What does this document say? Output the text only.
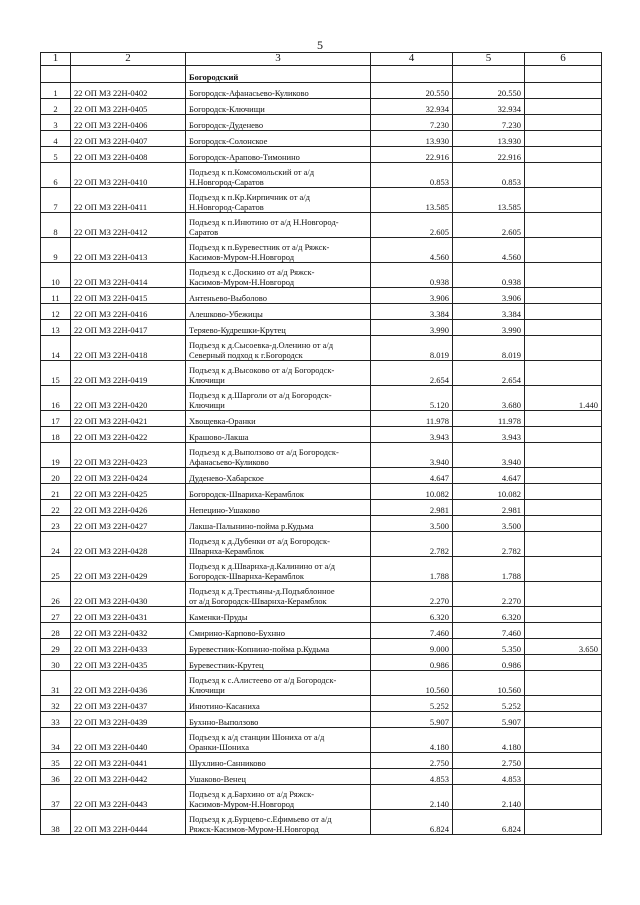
5
1	2	3	4	5	6
		Богородский			
1	22 ОП МЗ 22Н-0402	Богородск-Афанасьево-Куликово	20.550	20.550	
2	22 ОП МЗ 22Н-0405	Богородск-Ключищи	32.934	32.934	
3	22 ОП МЗ 22Н-0406	Богородск-Дуденево	7.230	7.230	
4	22 ОП МЗ 22Н-0407	Богородск-Солонское	13.930	13.930	
5	22 ОП МЗ 22Н-0408	Богородск-Арапово-Тимонино	22.916	22.916	
6	22 ОП МЗ 22Н-0410	Подъезд к п.Комсомольский от а/д
Н.Новгород-Саратов	0.853	0.853	
7	22 ОП МЗ 22Н-0411	Подъезд к п.Кр.Кирпичник от а/д
Н.Новгород-Саратов	13.585	13.585	
8	22 ОП МЗ 22Н-0412	Подъезд к п.Инютино от а/д Н.Новгород-
Саратов	2.605	2.605	
9	22 ОП МЗ 22Н-0413	Подъезд к п.Буревестник от а/д Ряжск-
Касимов-Муром-Н.Новгород	4.560	4.560	
10	22 ОП МЗ 22Н-0414	Подъезд к с.Доскино от а/д Ряжск-
Касимов-Муром-Н.Новгород	0.938	0.938	
11	22 ОП МЗ 22Н-0415	Антеньево-Выболово	3.906	3.906	
12	22 ОП МЗ 22Н-0416	Алешково-Убежицы	3.384	3.384	
13	22 ОП МЗ 22Н-0417	Теряево-Кудрешки-Крутец	3.990	3.990	
14	22 ОП МЗ 22Н-0418	Подъезд к д.Сысоевка-д.Оленино от а/д
Северный подход к г.Богородск	8.019	8.019	
15	22 ОП МЗ 22Н-0419	Подъезд к д.Высоково от а/д Богородск-
Ключищи	2.654	2.654	
16	22 ОП МЗ 22Н-0420	Подъезд к д.Шарголи от а/д Богородск-
Ключищи	5.120	3.680	1.440
17	22 ОП МЗ 22Н-0421	Хвощевка-Оранки	11.978	11.978	
18	22 ОП МЗ 22Н-0422	Крашово-Лакша	3.943	3.943	
19	22 ОП МЗ 22Н-0423	Подъезд к д.Выползово от а/д Богородск-
Афанасьево-Куликово	3.940	3.940	
20	22 ОП МЗ 22Н-0424	Дуденево-Хабарское	4.647	4.647	
21	22 ОП МЗ 22Н-0425	Богородск-Швариха-Керамблок	10.082	10.082	
22	22 ОП МЗ 22Н-0426	Непецино-Ушаково	2.981	2.981	
23	22 ОП МЗ 22Н-0427	Лакша-Палынино-пойма р.Кудьма	3.500	3.500	
24	22 ОП МЗ 22Н-0428	Подъезд к д.Дубенки от а/д Богородск-
Шварнха-Керамблок	2.782	2.782	
25	22 ОП МЗ 22Н-0429	Подъезд к д.Шварнха-д.Калинино от а/д
Богородск-Шварнха-Керамблок	1.788	1.788	
26	22 ОП МЗ 22Н-0430	Подъезд к д.Трестьяны-д.Подъяблонное
от а/д Богородск-Шварнха-Керамблок	2.270	2.270	
27	22 ОП МЗ 22Н-0431	Каменки-Пруды	6.320	6.320	
28	22 ОП МЗ 22Н-0432	Смирино-Карпово-Бухнно	7.460	7.460	
29	22 ОП МЗ 22Н-0433	Буревестник-Копнино-пойма р.Кудьма	9.000	5.350	3.650
30	22 ОП МЗ 22Н-0435	Буревестник-Крутец	0.986	0.986	
31	22 ОП МЗ 22Н-0436	Подъезд к с.Алистеево от а/д Богородск-
Ключищи	10.560	10.560	
32	22 ОП МЗ 22Н-0437	Инютино-Касаниха	5.252	5.252	
33	22 ОП МЗ 22Н-0439	Бухнно-Выползово	5.907	5.907	
34	22 ОП МЗ 22Н-0440	Подъезд к а/д станции Шониха от а/д
Оранки-Шониха	4.180	4.180	
35	22 ОП МЗ 22Н-0441	Шухлино-Санниково	2.750	2.750	
36	22 ОП МЗ 22Н-0442	Ушаково-Венец	4.853	4.853	
37	22 ОП МЗ 22Н-0443	Подъезд к д.Бархино от а/д Ряжск-
Касимов-Муром-Н.Новгород	2.140	2.140	
38	22 ОП МЗ 22Н-0444	Подъезд к д.Бурцево-с.Ефимьево от а/д
Ряжск-Касимов-Муром-Н.Новгород	6.824	6.824	
